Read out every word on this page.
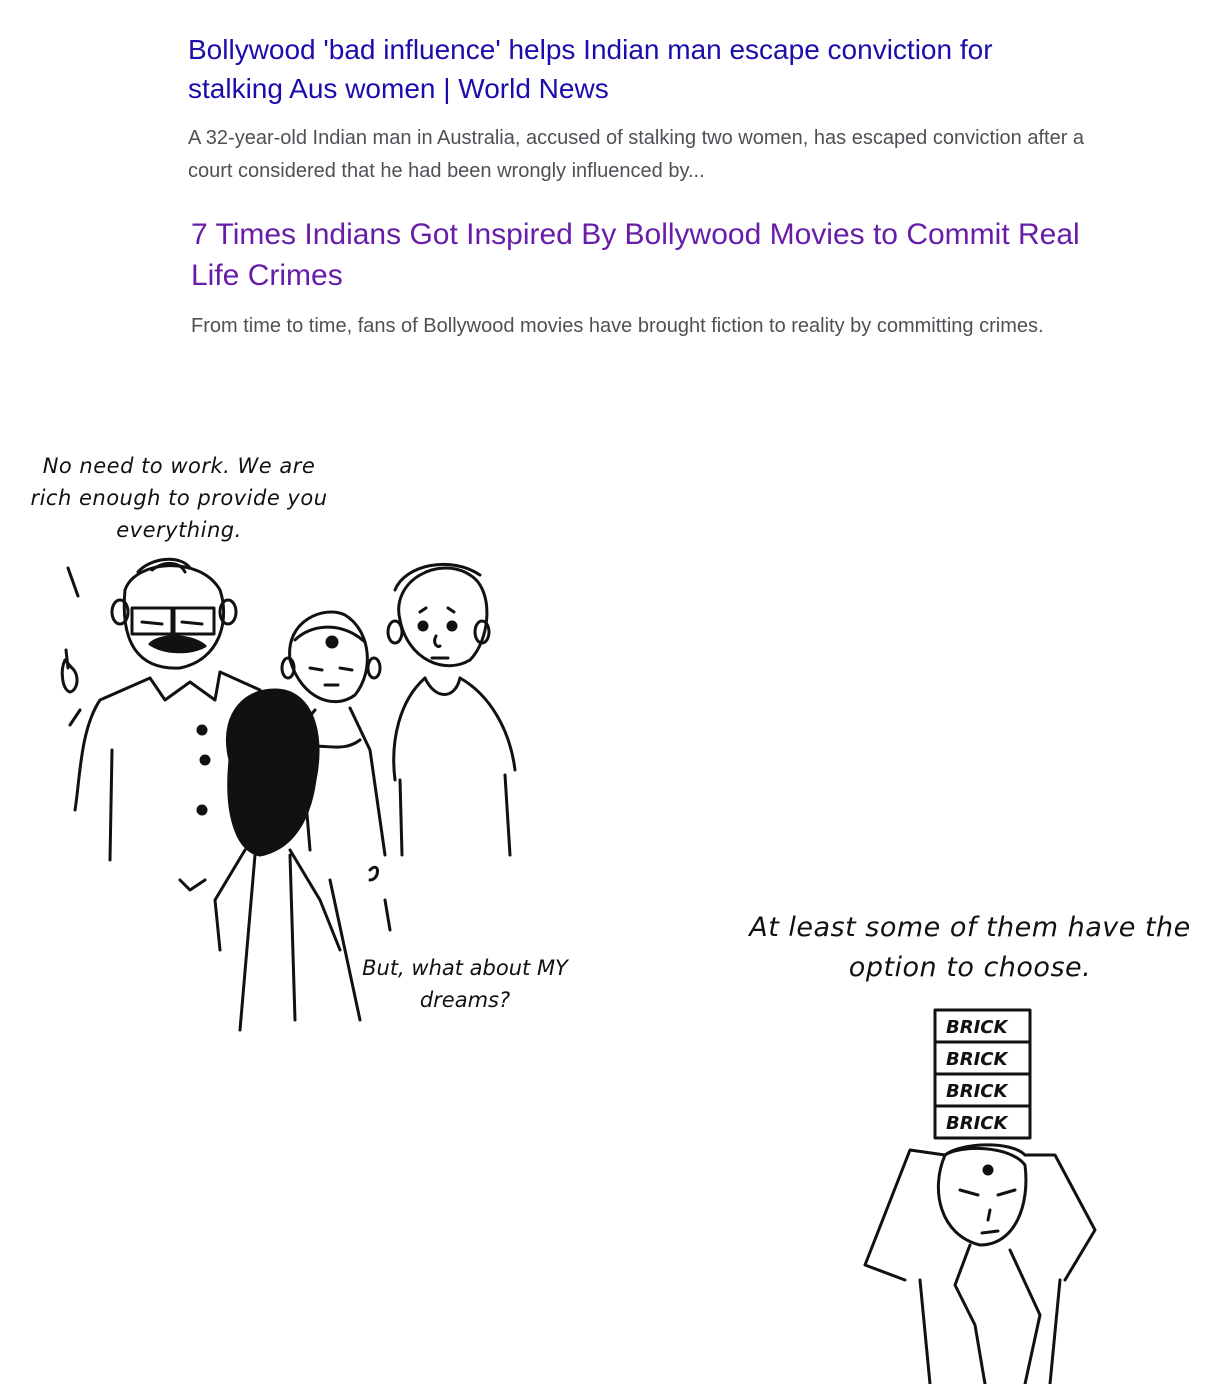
Bollywood 'bad influence' helps Indian man escape conviction for stalking Aus women | World News

A 32-year-old Indian man in Australia, accused of stalking two women, has escaped conviction after a court considered that he had been wrongly influenced by...

7 Times Indians Got Inspired By Bollywood Movies to Commit Real Life Crimes

From time to time, fans of Bollywood movies have brought fiction to reality by committing crimes.

No need to work. We are rich enough to provide you everything.

But, what about MY dreams?

At least some of them have the option to choose.

BRICK
BRICK
BRICK
BRICK
